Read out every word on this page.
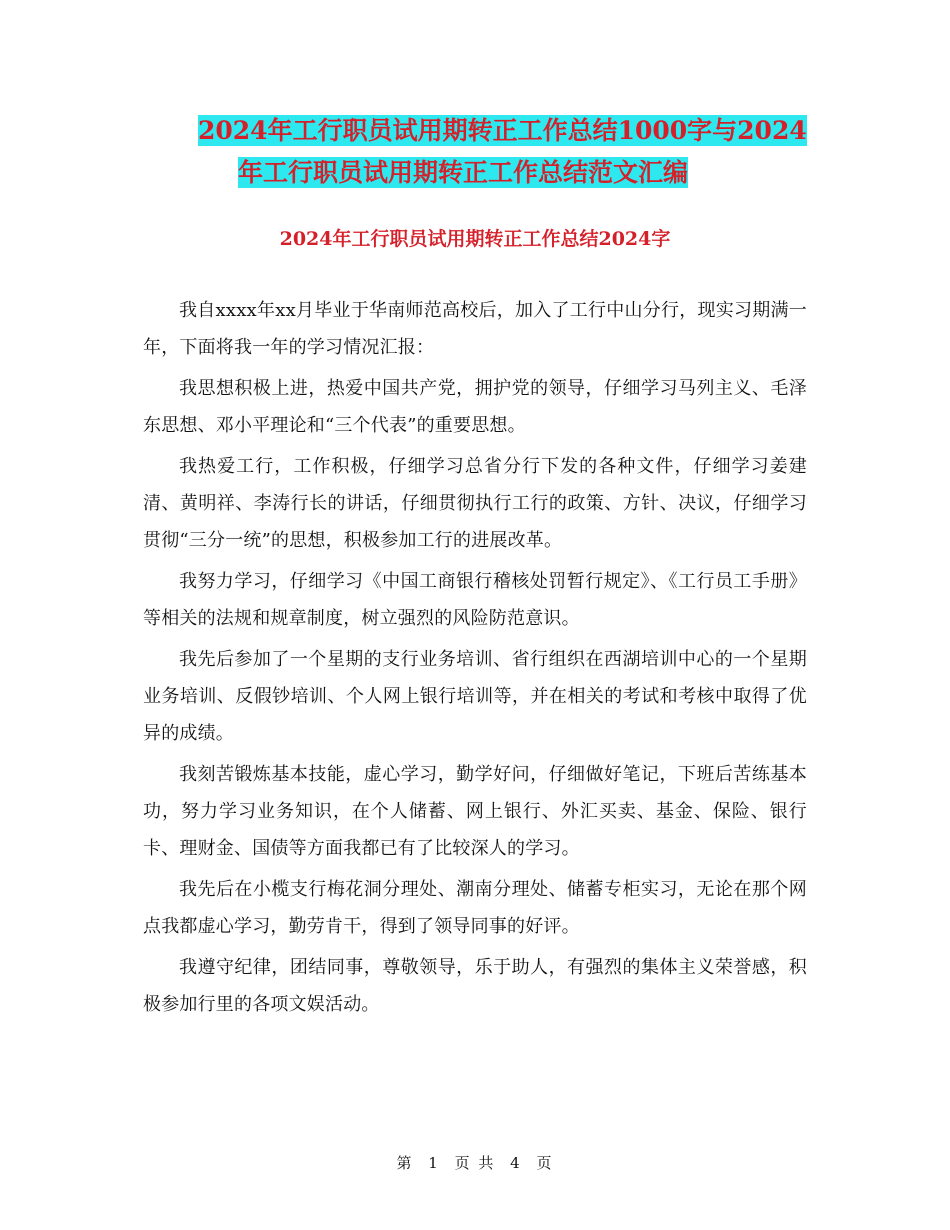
2024年工行职员试用期转正工作总结1000字与2024
年工行职员试用期转正工作总结范文汇编
2024年工行职员试用期转正工作总结2024字

我自xxxx年xx月毕业于华南师范高校后，加入了工行中山分行，现实习期满一年，下面将我一年的学习情况汇报：

我思想积极上进，热爱中国共产党，拥护党的领导，仔细学习马列主义、毛泽东思想、邓小平理论和“三个代表”的重要思想。

我热爱工行，工作积极，仔细学习总省分行下发的各种文件，仔细学习姜建清、黄明祥、李涛行长的讲话，仔细贯彻执行工行的政策、方针、决议，仔细学习贯彻“三分一统”的思想，积极参加工行的进展改革。

我努力学习，仔细学习《中国工商银行稽核处罚暂行规定》、《工行员工手册》等相关的法规和规章制度，树立强烈的风险防范意识。

我先后参加了一个星期的支行业务培训、省行组织在西湖培训中心的一个星期业务培训、反假钞培训、个人网上银行培训等，并在相关的考试和考核中取得了优异的成绩。

我刻苦锻炼基本技能，虚心学习，勤学好问，仔细做好笔记，下班后苦练基本功，努力学习业务知识，在个人储蓄、网上银行、外汇买卖、基金、保险、银行卡、理财金、国债等方面我都已有了比较深人的学习。

我先后在小榄支行梅花洞分理处、潮南分理处、储蓄专柜实习，无论在那个网点我都虚心学习，勤劳肯干，得到了领导同事的好评。

我遵守纪律，团结同事，尊敬领导，乐于助人，有强烈的集体主义荣誉感，积极参加行里的各项文娱活动。

第 1 页 共 4 页
